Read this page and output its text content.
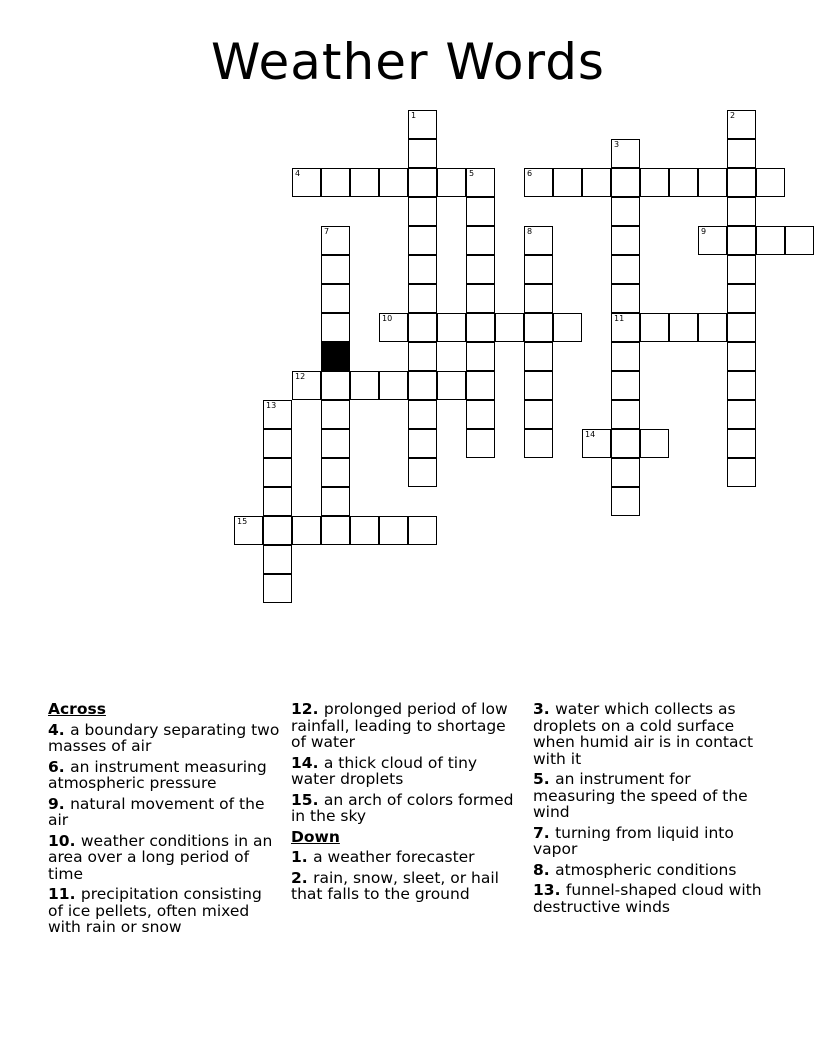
Weather Words
1	2
3
11
4	5	6
7	8	9
10
12
13
14
15
Across
4. a boundary separating two masses of air
6. an instrument measuring atmospheric pressure
9. natural movement of the air
10. weather conditions in an area over a long period of time
11. precipitation consisting of ice pellets, often mixed with rain or snow
12. prolonged period of low rainfall, leading to shortage of water
14. a thick cloud of tiny water droplets
15. an arch of colors formed in the sky
Down
1. a weather forecaster
2. rain, snow, sleet, or hail that falls to the ground
3. water which collects as droplets on a cold surface when humid air is in contact with it
5. an instrument for measuring the speed of the wind
7. turning from liquid into vapor
8. atmospheric conditions
13. funnel-shaped cloud with destructive winds
